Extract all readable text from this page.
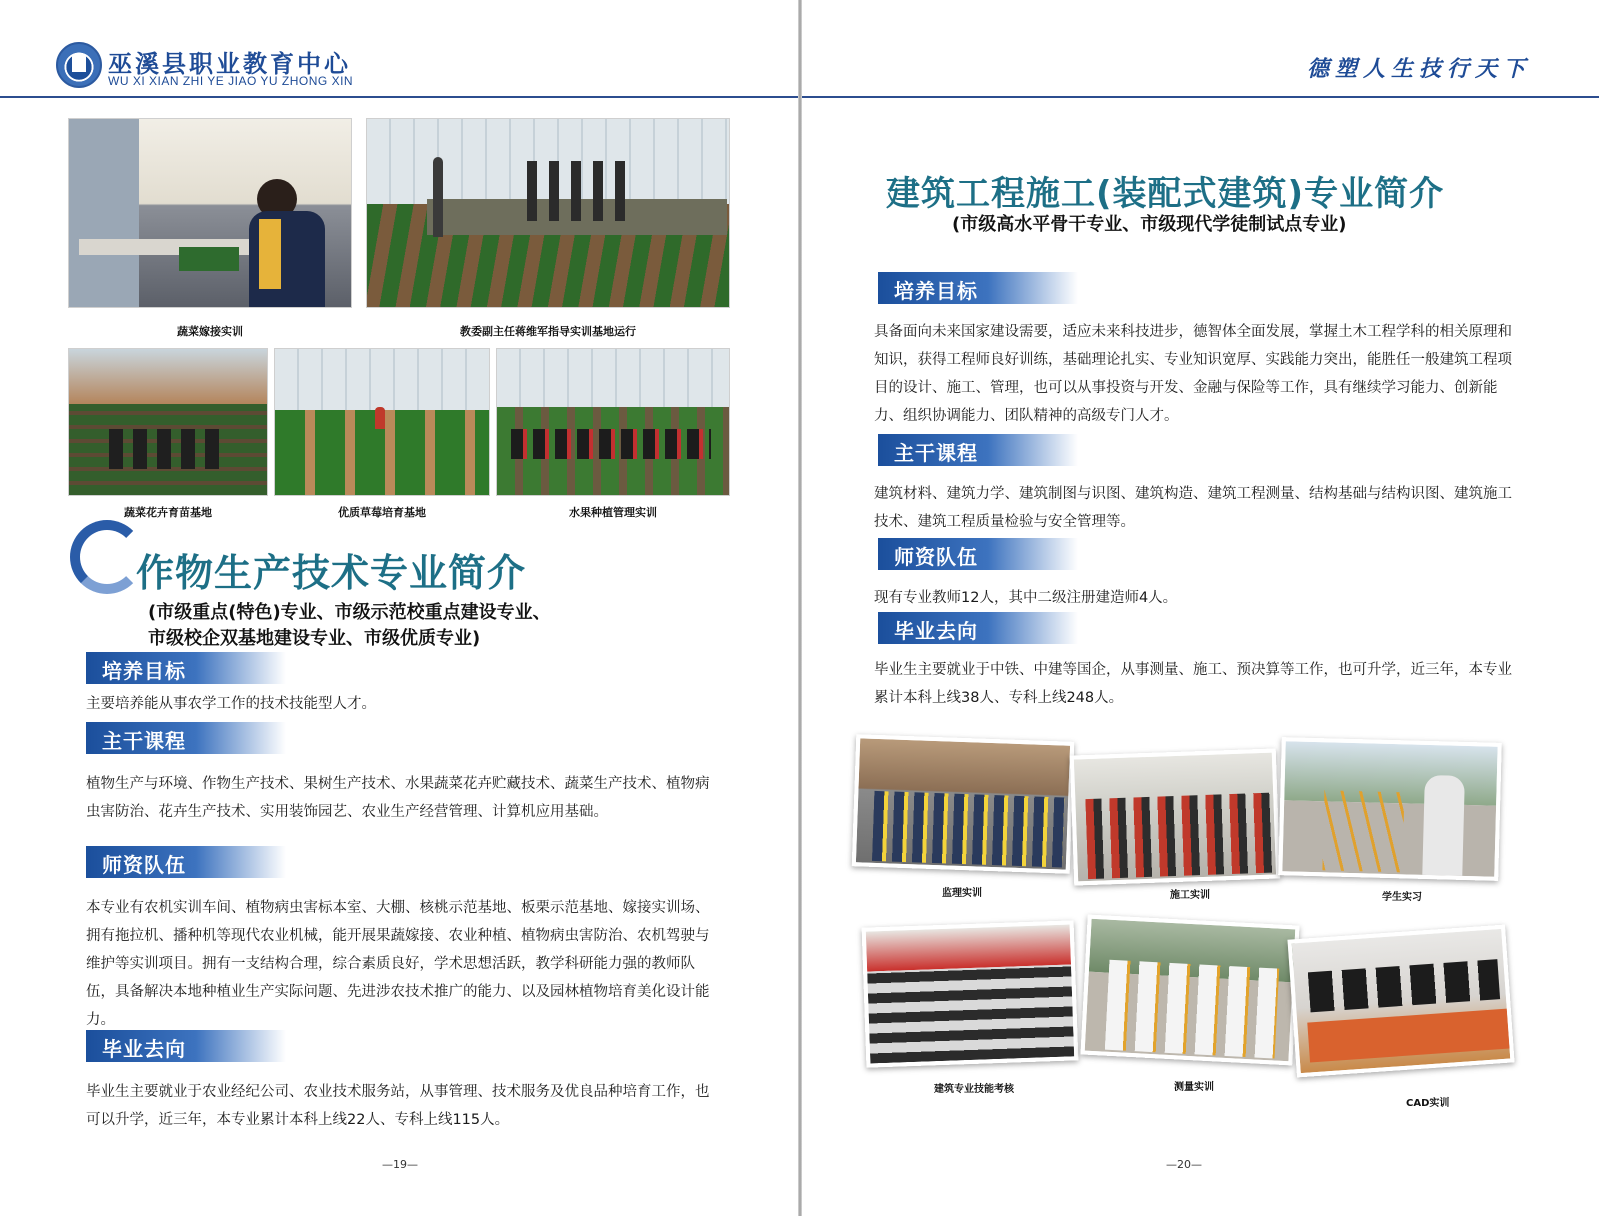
巫溪县职业教育中心
WU XI XIAN ZHI YE JIAO YU ZHONG XIN
蔬菜嫁接实训	教委副主任蒋维军指导实训基地运行
蔬菜花卉育苗基地	优质草莓培育基地	水果种植管理实训
作物生产技术专业简介
(市级重点(特色)专业、市级示范校重点建设专业、
市级校企双基地建设专业、市级优质专业)
培养目标
主要培养能从事农学工作的技术技能型人才。
主干课程
植物生产与环境、作物生产技术、果树生产技术、水果蔬菜花卉贮藏技术、蔬菜生产技术、植物病虫害防治、花卉生产技术、实用装饰园艺、农业生产经营管理、计算机应用基础。
师资队伍
本专业有农机实训车间、植物病虫害标本室、大棚、核桃示范基地、板栗示范基地、嫁接实训场、拥有拖拉机、播种机等现代农业机械，能开展果蔬嫁接、农业种植、植物病虫害防治、农机驾驶与维护等实训项目。拥有一支结构合理，综合素质良好，学术思想活跃，教学科研能力强的教师队伍，具备解决本地种植业生产实际问题、先进涉农技术推广的能力、以及园林植物培育美化设计能力。
毕业去向
毕业生主要就业于农业经纪公司、农业技术服务站，从事管理、技术服务及优良品种培育工作，也可以升学，近三年，本专业累计本科上线22人、专科上线115人。
—19—
德塑人生技行天下
建筑工程施工(装配式建筑)专业简介
(市级高水平骨干专业、市级现代学徒制试点专业)
培养目标
具备面向未来国家建设需要，适应未来科技进步，德智体全面发展，掌握土木工程学科的相关原理和知识，获得工程师良好训练，基础理论扎实、专业知识宽厚、实践能力突出，能胜任一般建筑工程项目的设计、施工、管理，也可以从事投资与开发、金融与保险等工作，具有继续学习能力、创新能力、组织协调能力、团队精神的高级专门人才。
主干课程
建筑材料、建筑力学、建筑制图与识图、建筑构造、建筑工程测量、结构基础与结构识图、建筑施工技术、建筑工程质量检验与安全管理等。
师资队伍
现有专业教师12人，其中二级注册建造师4人。
毕业去向
毕业生主要就业于中铁、中建等国企，从事测量、施工、预决算等工作，也可升学，近三年，本专业累计本科上线38人、专科上线248人。
监理实训	施工实训	学生实习
建筑专业技能考核	测量实训
CAD实训
—20—
